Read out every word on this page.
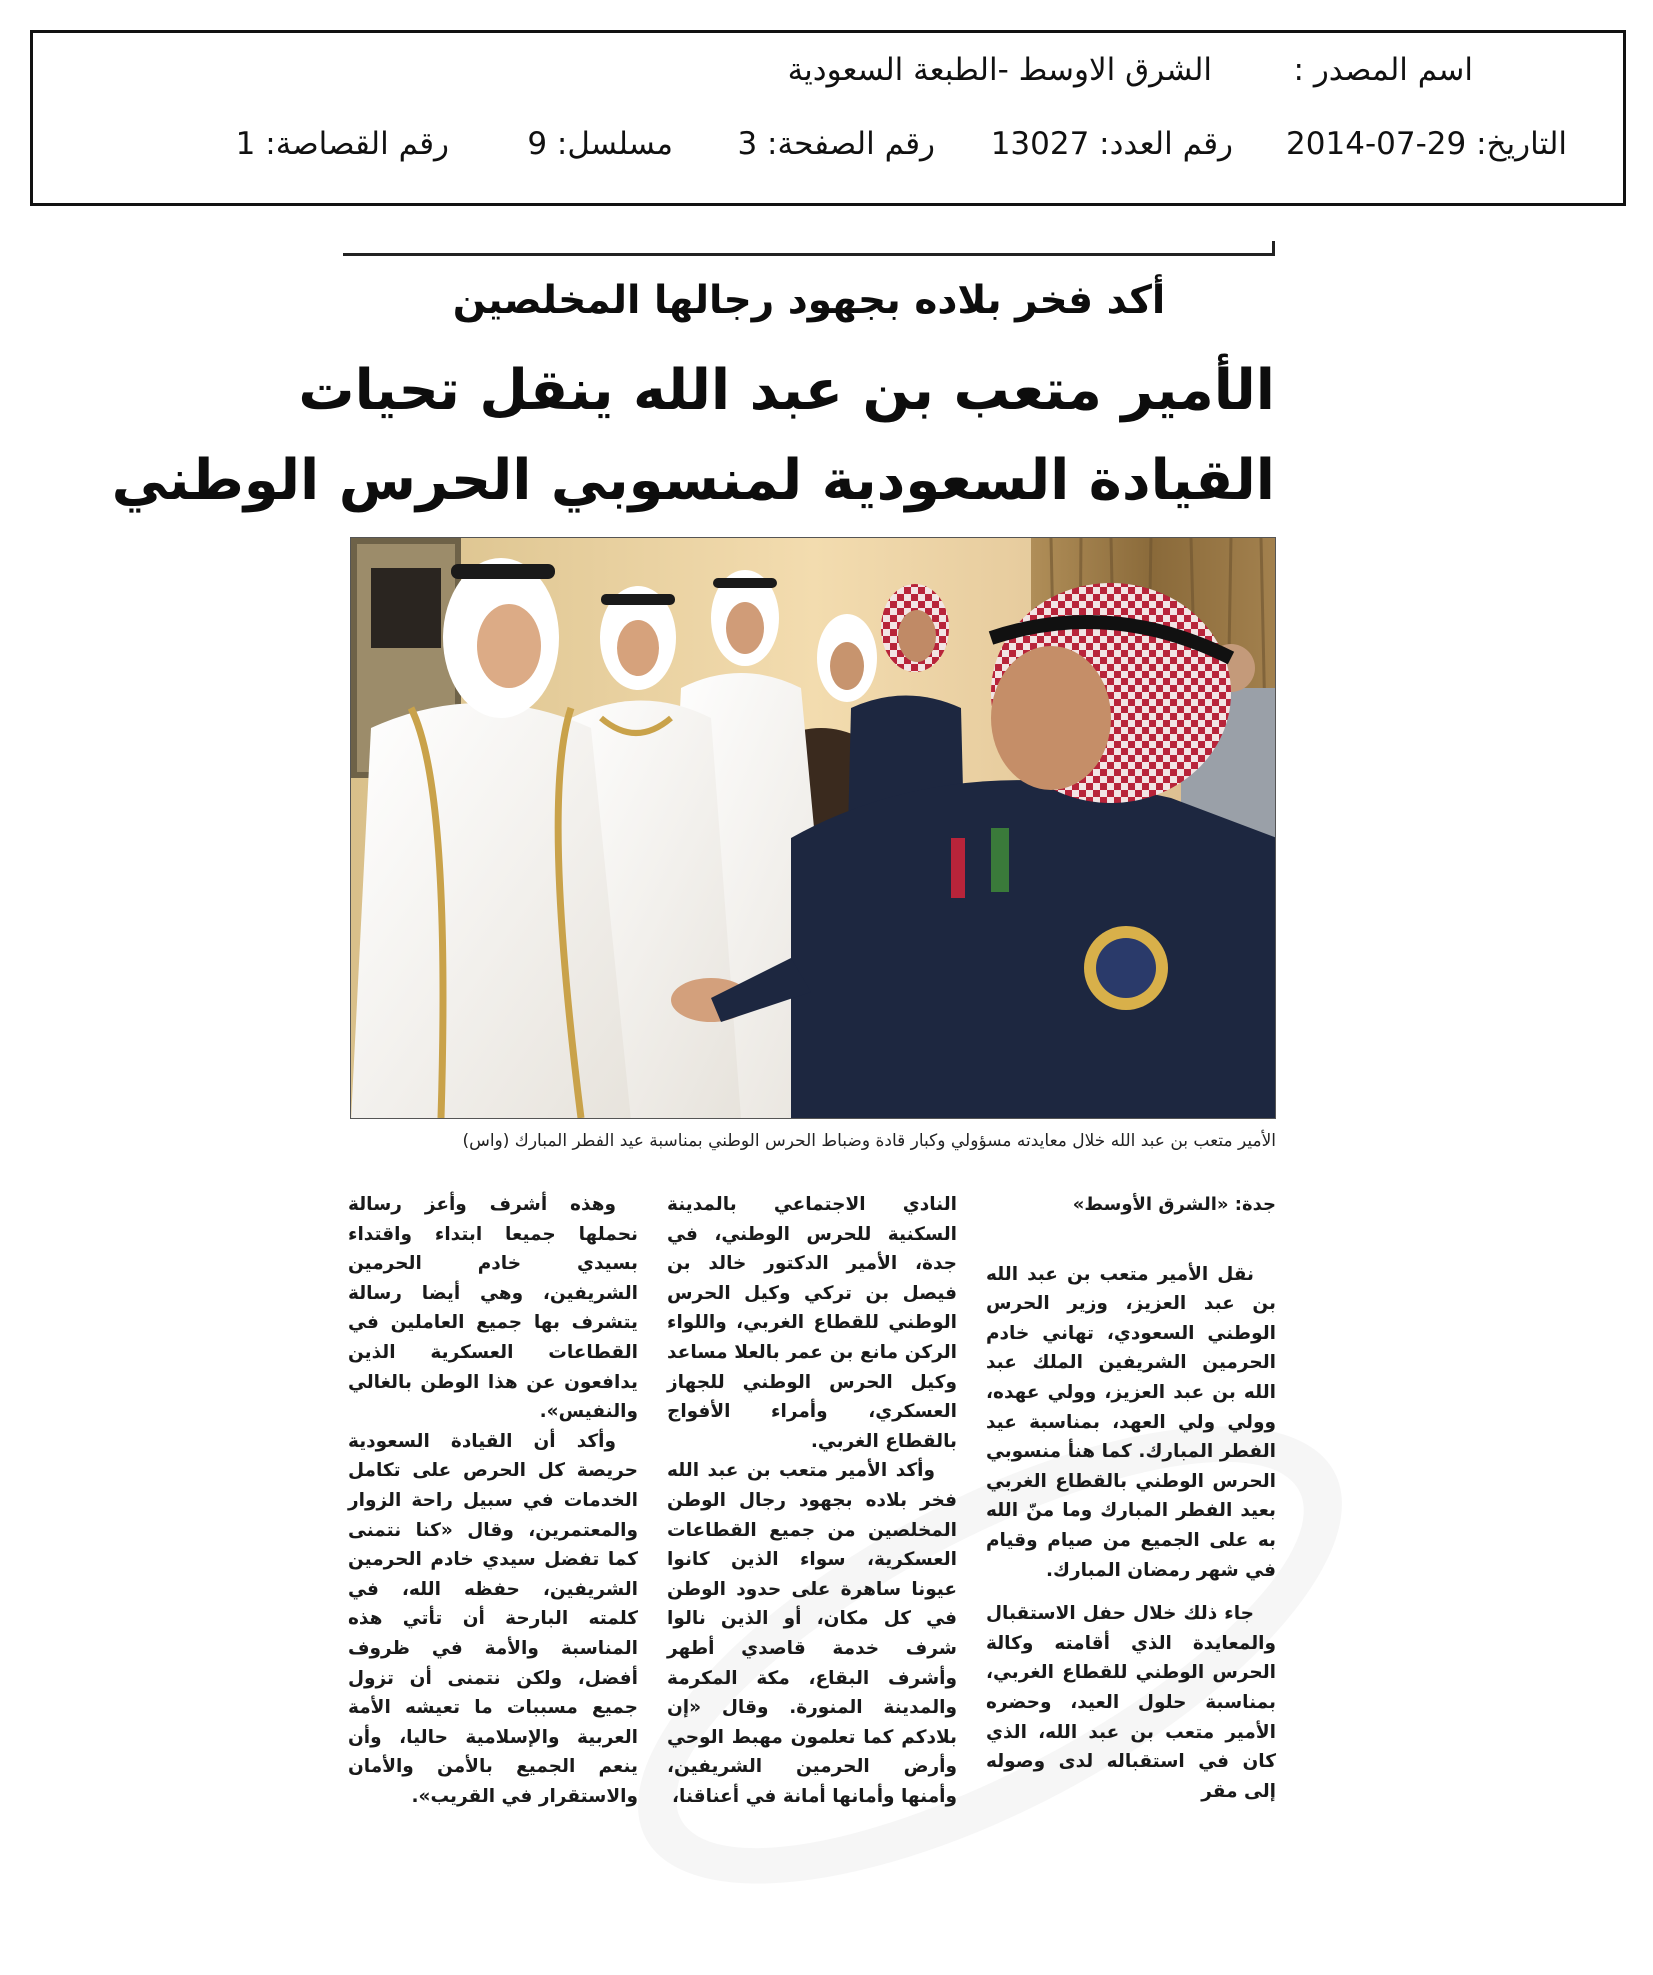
اسم المصدر :
الشرق الاوسط -الطبعة السعودية
التاريخ: 29-07-2014
رقم العدد: 13027
رقم الصفحة: 3
مسلسل: 9
رقم القصاصة: 1
أكد فخر بلاده بجهود رجالها المخلصين
الأمير متعب بن عبد الله ينقل تحيات
القيادة السعودية لمنسوبي الحرس الوطني
الأمير متعب بن عبد الله خلال معايدته مسؤولي وكبار قادة وضباط الحرس الوطني بمناسبة عيد الفطر المبارك (واس)

جدة: «الشرق الأوسط»

نقل الأمير متعب بن عبد الله بن عبد العزيز، وزير الحرس الوطني السعودي، تهاني خادم الحرمين الشريفين الملك عبد الله بن عبد العزيز، وولي عهده، وولي ولي العهد، بمناسبة عيد الفطر المبارك. كما هنأ منسوبي الحرس الوطني بالقطاع الغربي بعيد الفطر المبارك وما منّ الله به على الجميع من صيام وقيام في شهر رمضان المبارك.

جاء ذلك خلال حفل الاستقبال والمعايدة الذي أقامته وكالة الحرس الوطني للقطاع الغربي، بمناسبة حلول العيد، وحضره الأمير متعب بن عبد الله، الذي كان في استقباله لدى وصوله إلى مقر

النادي الاجتماعي بالمدينة السكنية للحرس الوطني، في جدة، الأمير الدكتور خالد بن فيصل بن تركي وكيل الحرس الوطني للقطاع الغربي، واللواء الركن مانع بن عمر بالعلا مساعد وكيل الحرس الوطني للجهاز العسكري، وأمراء الأفواج بالقطاع الغربي.

وأكد الأمير متعب بن عبد الله فخر بلاده بجهود رجال الوطن المخلصين من جميع القطاعات العسكرية، سواء الذين كانوا عيونا ساهرة على حدود الوطن في كل مكان، أو الذين نالوا شرف خدمة قاصدي أطهر وأشرف البقاع، مكة المكرمة والمدينة المنورة. وقال «إن بلادكم كما تعلمون مهبط الوحي وأرض الحرمين الشريفين، وأمنها وأمانها أمانة في أعناقنا،

وهذه أشرف وأعز رسالة نحملها جميعا ابتداء واقتداء بسيدي خادم الحرمين الشريفين، وهي أيضا رسالة يتشرف بها جميع العاملين في القطاعات العسكرية الذين يدافعون عن هذا الوطن بالغالي والنفيس».

وأكد أن القيادة السعودية حريصة كل الحرص على تكامل الخدمات في سبيل راحة الزوار والمعتمرين، وقال «كنا نتمنى كما تفضل سيدي خادم الحرمين الشريفين، حفظه الله، في كلمته البارحة أن تأتي هذه المناسبة والأمة في ظروف أفضل، ولكن نتمنى أن تزول جميع مسببات ما تعيشه الأمة العربية والإسلامية حاليا، وأن ينعم الجميع بالأمن والأمان والاستقرار في القريب».
